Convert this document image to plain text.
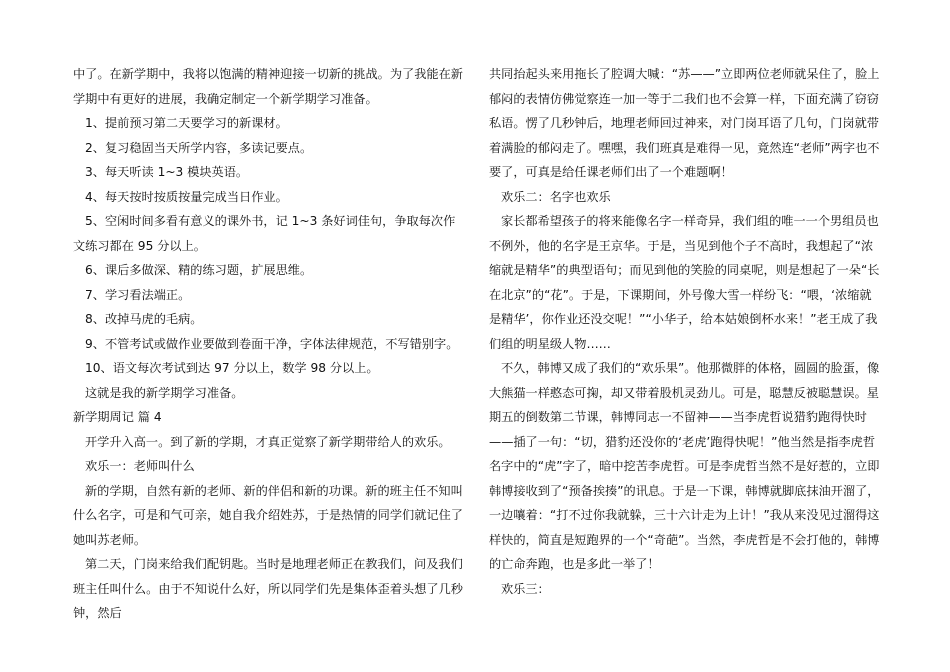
中了。在新学期中，我将以饱满的精神迎接一切新的挑战。为了我能在新学期中有更好的进展，我确定制定一个新学期学习准备。

1、提前预习第二天要学习的新课材。

2、复习稳固当天所学内容，多读记要点。

3、每天听读 1~3 模块英语。

4、每天按时按质按量完成当日作业。

5、空闲时间多看有意义的课外书，记 1~3 条好词佳句，争取每次作文练习都在 95 分以上。

6、课后多做深、精的练习题，扩展思维。

7、学习看法端正。

8、改掉马虎的毛病。

9、不管考试或做作业要做到卷面干净，字体法律规范，不写错别字。

10、语文每次考试到达 97 分以上，数学 98 分以上。

这就是我的新学期学习准备。

新学期周记 篇 4

开学升入高一。到了新的学期，才真正觉察了新学期带给人的欢乐。

欢乐一：老师叫什么

新的学期，自然有新的老师、新的伴侣和新的功课。新的班主任不知叫什么名字，可是和气可亲，她自我介绍姓苏，于是热情的同学们就记住了她叫苏老师。

第二天，门岗来给我们配钥匙。当时是地理老师正在教我们，问及我们班主任叫什么。由于不知说什么好，所以同学们先是集体歪着头想了几秒钟，然后

共同抬起头来用拖长了腔调大喊：“苏——”立即两位老师就呆住了，脸上郁闷的表情仿佛觉察连一加一等于二我们也不会算一样，下面充满了窃窃私语。愣了几秒钟后，地理老师回过神来，对门岗耳语了几句，门岗就带着满脸的郁闷走了。嘿嘿，我们班真是难得一见，竟然连“老师”两字也不要了，可真是给任课老师们出了一个难题啊！

欢乐二：名字也欢乐

家长都希望孩子的将来能像名字一样奇异，我们组的唯一一个男组员也不例外，他的名字是王京华。于是，当见到他个子不高时，我想起了“浓缩就是精华”的典型语句；而见到他的笑脸的同桌呢，则是想起了一朵“长在北京”的“花”。于是，下课期间，外号像大雪一样纷飞：“喂，‘浓缩就是精华’，你作业还没交呢！”“小华子，给本姑娘倒杯水来！”老王成了我们组的明星级人物……

不久，韩博又成了我们的“欢乐果”。他那微胖的体格，圆圆的脸蛋，像大熊猫一样憨态可掬，却又带着股机灵劲儿。可是，聪慧反被聪慧误。星期五的倒数第二节课，韩博同志一不留神——当李虎哲说猎豹跑得快时——插了一句：“切，猎豹还没你的‘老虎’跑得快呢！”他当然是指李虎哲名字中的“虎”字了，暗中挖苦李虎哲。可是李虎哲当然不是好惹的，立即韩博接收到了“预备挨揍”的讯息。于是一下课，韩博就脚底抹油开溜了，一边嚷着：“打不过你我就躲，三十六计走为上计！”我从来没见过溜得这样快的，简直是短跑界的一个“奇葩”。当然，李虎哲是不会打他的，韩博的亡命奔跑，也是多此一举了！

欢乐三：
